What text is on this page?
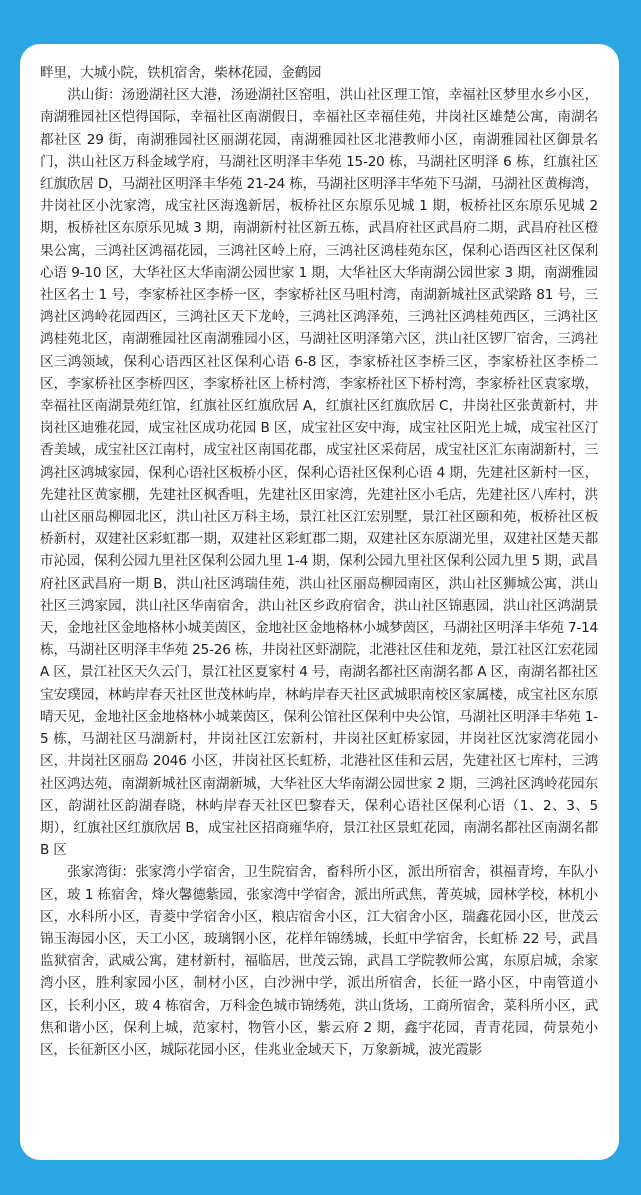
畔里，大城小院，铁机宿舍，柴林花园，金鹤园

洪山街：汤逊湖社区大港，汤逊湖社区窑咀，洪山社区理工馆，幸福社区梦里水乡小区，南湖雅园社区恺得国际，幸福社区南湖假日，幸福社区幸福佳苑，井岗社区雄楚公寓，南湖名都社区 29 街，南湖雅园社区丽湖花园，南湖雅园社区北港教师小区，南湖雅园社区御景名门，洪山社区万科金域学府，马湖社区明泽丰华苑 15-20 栋，马湖社区明泽 6 栋，红旗社区红旗欣居 D，马湖社区明泽丰华苑 21-24 栋，马湖社区明泽丰华苑下马湖，马湖社区黄梅湾，井岗社区小沈家湾，成宝社区海逸新居，板桥社区东原乐见城 1 期，板桥社区东原乐见城 2 期，板桥社区东原乐见城 3 期，南湖新村社区新五栋，武昌府社区武昌府二期，武昌府社区橙果公寓，三鸿社区鸿福花园，三鸿社区岭上府，三鸿社区鸿桂苑东区，保利心语西区社区保利心语 9-10 区，大华社区大华南湖公园世家 1 期，大华社区大华南湖公园世家 3 期，南湖雅园社区名士 1 号，李家桥社区李桥一区，李家桥社区马咀村湾，南湖新城社区武梁路 81 号，三鸿社区鸿岭花园西区，三鸿社区天下龙岭，三鸿社区鸿泽苑，三鸿社区鸿桂苑西区，三鸿社区鸿桂苑北区，南湖雅园社区南湖雅园小区，马湖社区明泽第六区，洪山社区锣厂宿舍，三鸿社区三鸿领域，保利心语西区社区保利心语 6-8 区，李家桥社区李桥三区，李家桥社区李桥二区，李家桥社区李桥四区，李家桥社区上桥村湾，李家桥社区下桥村湾，李家桥社区袁家墩，幸福社区南湖景苑红馆，红旗社区红旗欣居 A，红旗社区红旗欣居 C，井岗社区张黄新村，井岗社区迪雅花园，成宝社区成功花园 B 区，成宝社区安中海，成宝社区阳光上城，成宝社区汀香美域，成宝社区江南村，成宝社区南国花郡，成宝社区采荷居，成宝社区汇东南湖新村，三鸿社区鸿城家园，保利心语社区板桥小区，保利心语社区保利心语 4 期，先建社区新村一区，先建社区黄家棚，先建社区枫香咀，先建社区田家湾，先建社区小毛店，先建社区八库村，洪山社区丽岛柳园北区，洪山社区万科主场，景江社区江宏别墅，景江社区颐和苑，板桥社区板桥新村，双建社区彩虹郡一期，双建社区彩虹郡二期，双建社区东原湖光里，双建社区楚天都市沁园，保利公园九里社区保利公园九里 1-4 期，保利公园九里社区保利公园九里 5 期，武昌府社区武昌府一期 B，洪山社区鸿瑞佳苑，洪山社区丽岛柳园南区，洪山社区狮城公寓，洪山社区三鸿家园，洪山社区华南宿舍，洪山社区乡政府宿舍，洪山社区锦惠园，洪山社区鸿湖景天，金地社区金地格林小城美茵区，金地社区金地格林小城梦茵区，马湖社区明泽丰华苑 7-14 栋，马湖社区明泽丰华苑 25-26 栋，井岗社区虾湖院，北港社区佳和龙苑，景江社区江宏花园 A 区，景江社区天久云门，景江社区夏家村 4 号，南湖名都社区南湖名都 A 区，南湖名都社区宝安璞园，林屿岸春天社区世茂林屿岸，林屿岸春天社区武城职南校区家属楼，成宝社区东原晴天见，金地社区金地格林小城莱茵区，保利公馆社区保利中央公馆，马湖社区明泽丰华苑 1-5 栋，马湖社区马湖新村，井岗社区江宏新村，井岗社区虹桥家园，井岗社区沈家湾花园小区，井岗社区丽岛 2046 小区，井岗社区长虹桥，北港社区佳和云居，先建社区七库村，三鸿社区鸿达苑，南湖新城社区南湖新城，大华社区大华南湖公园世家 2 期，三鸿社区鸿岭花园东区，韵湖社区韵湖春晓，林屿岸春天社区巴黎春天，保利心语社区保利心语（1、2、3、5 期），红旗社区红旗欣居 B，成宝社区招商雍华府，景江社区景虹花园，南湖名都社区南湖名都 B 区

张家湾街：张家湾小学宿舍，卫生院宿舍，畜科所小区，派出所宿舍，祺福青垮，车队小区，玻 1 栋宿舍，烽火馨德紫园，张家湾中学宿舍，派出所武焦，菁英城，园林学校，林机小区，水科所小区，青菱中学宿舍小区，粮店宿舍小区，江大宿舍小区，瑞鑫花园小区，世茂云锦玉海园小区，天工小区，玻璃钢小区，花样年锦绣城，长虹中学宿舍，长虹桥 22 号，武昌监狱宿舍，武威公寓，建材新村，福临居，世茂云锦，武昌工学院教师公寓，东原启城，余家湾小区，胜利家园小区，制材小区，白沙洲中学，派出所宿舍，长征一路小区，中南管道小区，长利小区，玻 4 栋宿舍，万科金色城市锦绣苑，洪山货场，工商所宿舍，菜科所小区，武焦和谐小区，保利上城，范家村，物管小区，紫云府 2 期，鑫宇花园，青青花园，荷景苑小区，长征新区小区，城际花园小区，佳兆业金域天下，万象新城，波光霞影
